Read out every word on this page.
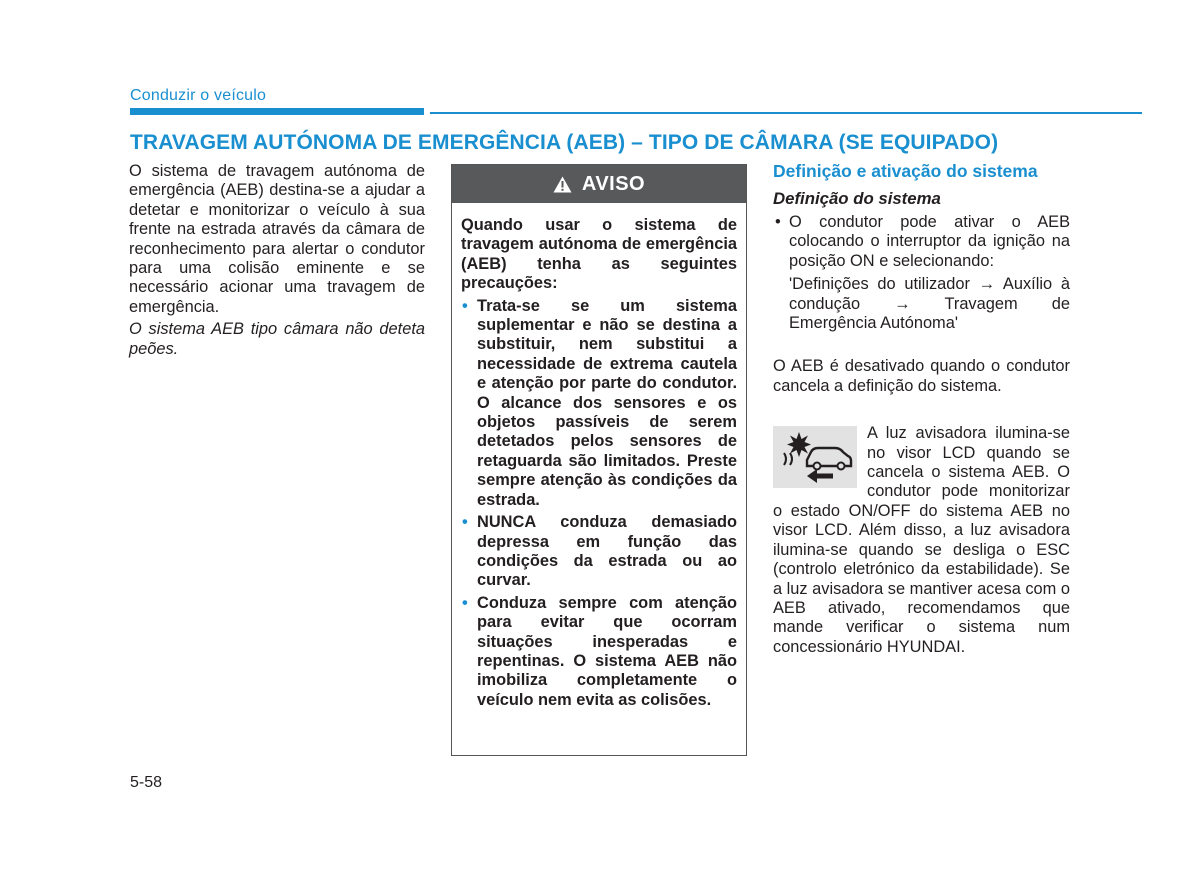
Conduzir o veículo
TRAVAGEM AUTÓNOMA DE EMERGÊNCIA (AEB) – TIPO DE CÂMARA (SE EQUIPADO)

O sistema de travagem autónoma de emergência (AEB) destina-se a ajudar a detetar e monitorizar o veículo à sua frente na estrada através da câmara de reconhecimento para alertar o condutor para uma colisão eminente e se necessário acionar uma travagem de emergência.

O sistema AEB tipo câmara não deteta peões.

AVISO

Quando usar o sistema de travagem autónoma de emergência (AEB) tenha as seguintes precauções:

• Trata-se se um sistema suplementar e não se destina a substituir, nem substitui a necessidade de extrema cautela e atenção por parte do condutor. O alcance dos sensores e os objetos passíveis de serem detetados pelos sensores de retaguarda são limitados. Preste sempre atenção às condições da estrada.
• NUNCA conduza demasiado depressa em função das condições da estrada ou ao curvar.
• Conduza sempre com atenção para evitar que ocorram situações inesperadas e repentinas. O sistema AEB não imobiliza completamente o veículo nem evita as colisões.
Definição e ativação do sistema
Definição do sistema
• O condutor pode ativar o AEB colocando o interruptor da ignição na posição ON e selecionando:
'Definições do utilizador → Auxílio à condução → Travagem de Emergência Autónoma'
O AEB é desativado quando o condutor cancela a definição do sistema.

A luz avisadora ilumina-se no visor LCD quando se cancela o sistema AEB. O condutor pode monitorizar o estado ON/OFF do sistema AEB no visor LCD. Além disso, a luz avisadora ilumina-se quando se desliga o ESC (controlo eletrónico da estabilidade). Se a luz avisadora se mantiver acesa com o AEB ativado, recomendamos que mande verificar o sistema num concessionário HYUNDAI.

5-58
